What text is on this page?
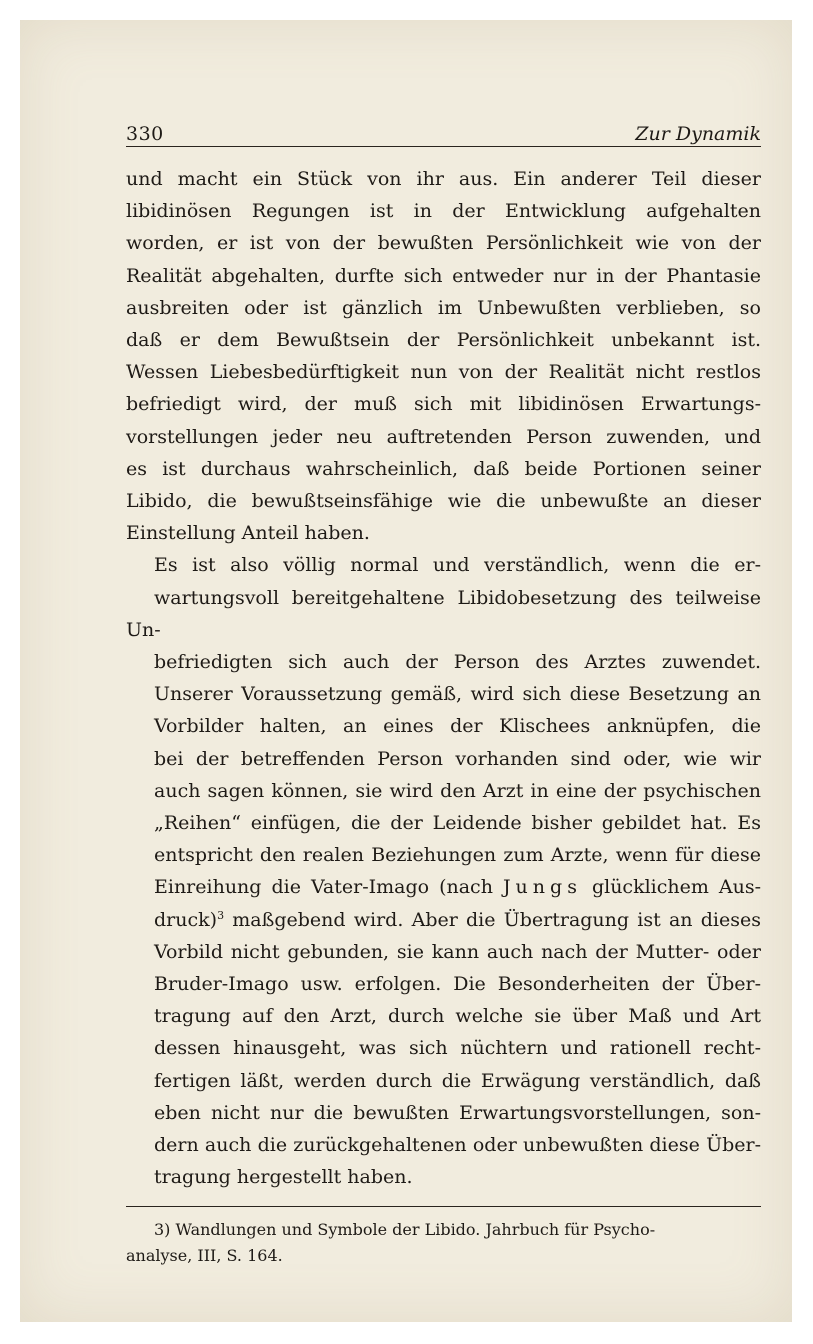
330	Zur Dynamik

und macht ein Stück von ihr aus. Ein anderer Teil dieser
libidinösen Regungen ist in der Entwicklung aufgehalten
worden, er ist von der bewußten Persönlichkeit wie von der
Realität abgehalten, durfte sich entweder nur in der Phantasie
ausbreiten oder ist gänzlich im Unbewußten verblieben, so
daß er dem Bewußtsein der Persönlichkeit unbekannt ist.
Wessen Liebesbedürftigkeit nun von der Realität nicht restlos
befriedigt wird, der muß sich mit libidinösen Erwartungs-
vorstellungen jeder neu auftretenden Person zuwenden, und
es ist durchaus wahrscheinlich, daß beide Portionen seiner
Libido, die bewußtseinsfähige wie die unbewußte an dieser
Einstellung Anteil haben.

Es ist also völlig normal und verständlich, wenn die er-
wartungsvoll bereitgehaltene Libidobesetzung des teilweise Un-
befriedigten sich auch der Person des Arztes zuwendet.
Unserer Voraussetzung gemäß, wird sich diese Besetzung an
Vorbilder halten, an eines der Klischees anknüpfen, die
bei der betreffenden Person vorhanden sind oder, wie wir
auch sagen können, sie wird den Arzt in eine der psychischen
„Reihen“ einfügen, die der Leidende bisher gebildet hat. Es
entspricht den realen Beziehungen zum Arzte, wenn für diese
Einreihung die Vater-Imago (nach Jungs glücklichem Aus-
druck)$^3$ maßgebend wird. Aber die Übertragung ist an dieses
Vorbild nicht gebunden, sie kann auch nach der Mutter- oder
Bruder-Imago usw. erfolgen. Die Besonderheiten der Über-
tragung auf den Arzt, durch welche sie über Maß und Art
dessen hinausgeht, was sich nüchtern und rationell recht-
fertigen läßt, werden durch die Erwägung verständlich, daß
eben nicht nur die bewußten Erwartungsvorstellungen, son-
dern auch die zurückgehaltenen oder unbewußten diese Über-
tragung hergestellt haben.

3) Wandlungen und Symbole der Libido. Jahrbuch für Psycho-
analyse, III, S. 164.
